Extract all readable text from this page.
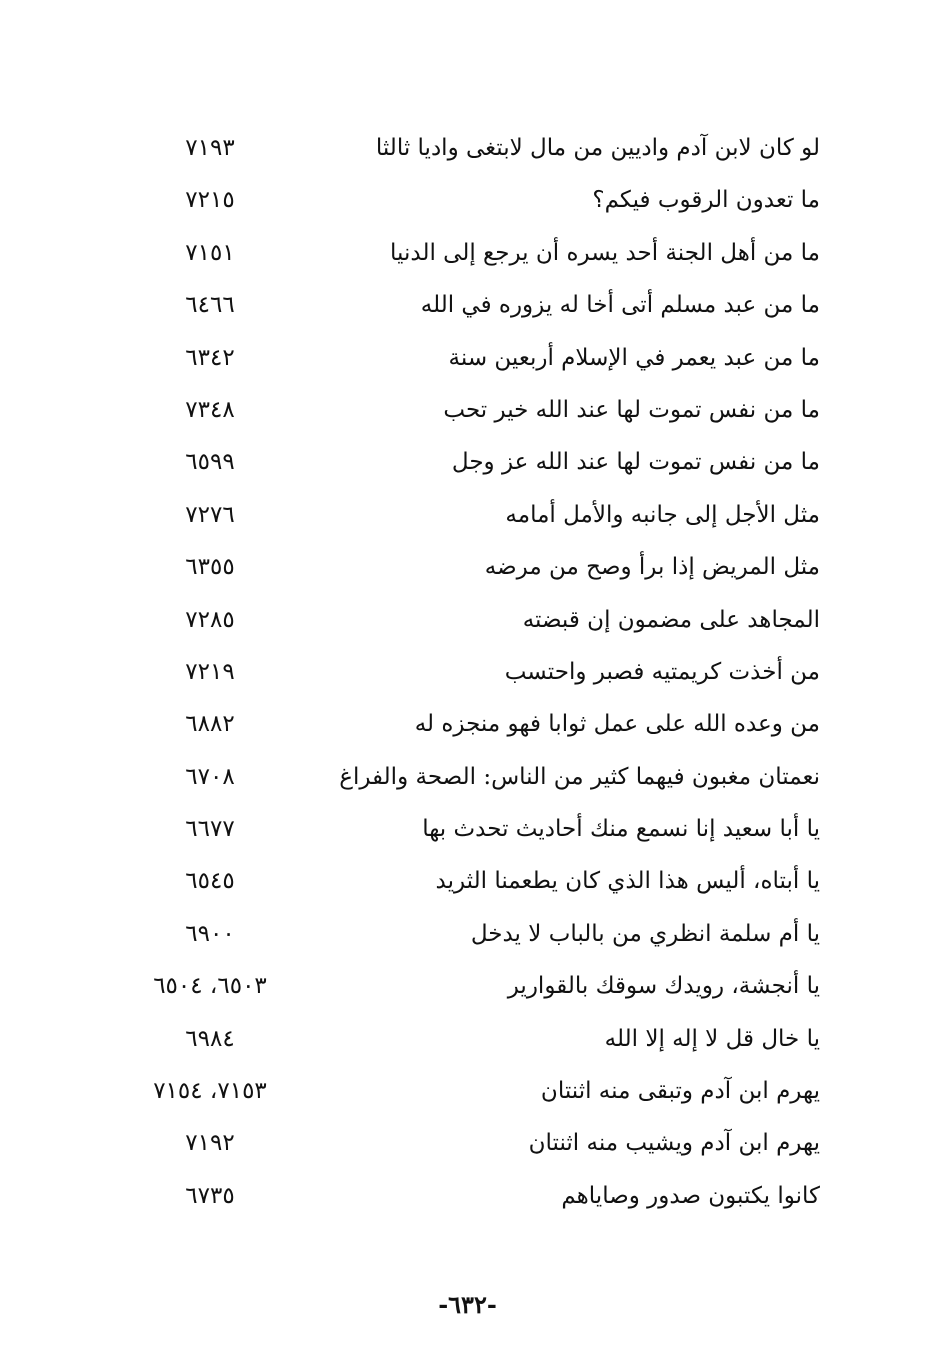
لو كان لابن آدم واديين من مال لابتغى واديا ثالثا
٧١٩٣
ما تعدون الرقوب فيكم؟
٧٢١٥
ما من أهل الجنة أحد يسره أن يرجع إلى الدنيا
٧١٥١
ما من عبد مسلم أتى أخا له يزوره في الله
٦٤٦٦
ما من عبد يعمر في الإسلام أربعين سنة
٦٣٤٢
ما من نفس تموت لها عند الله خير تحب
٧٣٤٨
ما من نفس تموت لها عند الله عز وجل
٦٥٩٩
مثل الأجل إلى جانبه والأمل أمامه
٧٢٧٦
مثل المريض إذا برأ وصح من مرضه
٦٣٥٥
المجاهد على مضمون إن قبضته
٧٢٨٥
من أخذت كريمتيه فصبر واحتسب
٧٢١٩
من وعده الله على عمل ثوابا فهو منجزه له
٦٨٨٢
نعمتان مغبون فيهما كثير من الناس: الصحة والفراغ
٦٧٠٨
يا أبا سعيد إنا نسمع منك أحاديث تحدث بها
٦٦٧٧
يا أبتاه، أليس هذا الذي كان يطعمنا الثريد
٦٥٤٥
يا أم سلمة انظري من بالباب لا يدخل
٦٩٠٠
يا أنجشة، رويدك سوقك بالقوارير
٦٥٠٣، ٦٥٠٤
يا خال قل لا إله إلا الله
٦٩٨٤
يهرم ابن آدم وتبقى منه اثنتان
٧١٥٣، ٧١٥٤
يهرم ابن آدم ويشيب منه اثنتان
٧١٩٢
كانوا يكتبون صدور وصاياهم
٦٧٣٥
-٦٣٢-
